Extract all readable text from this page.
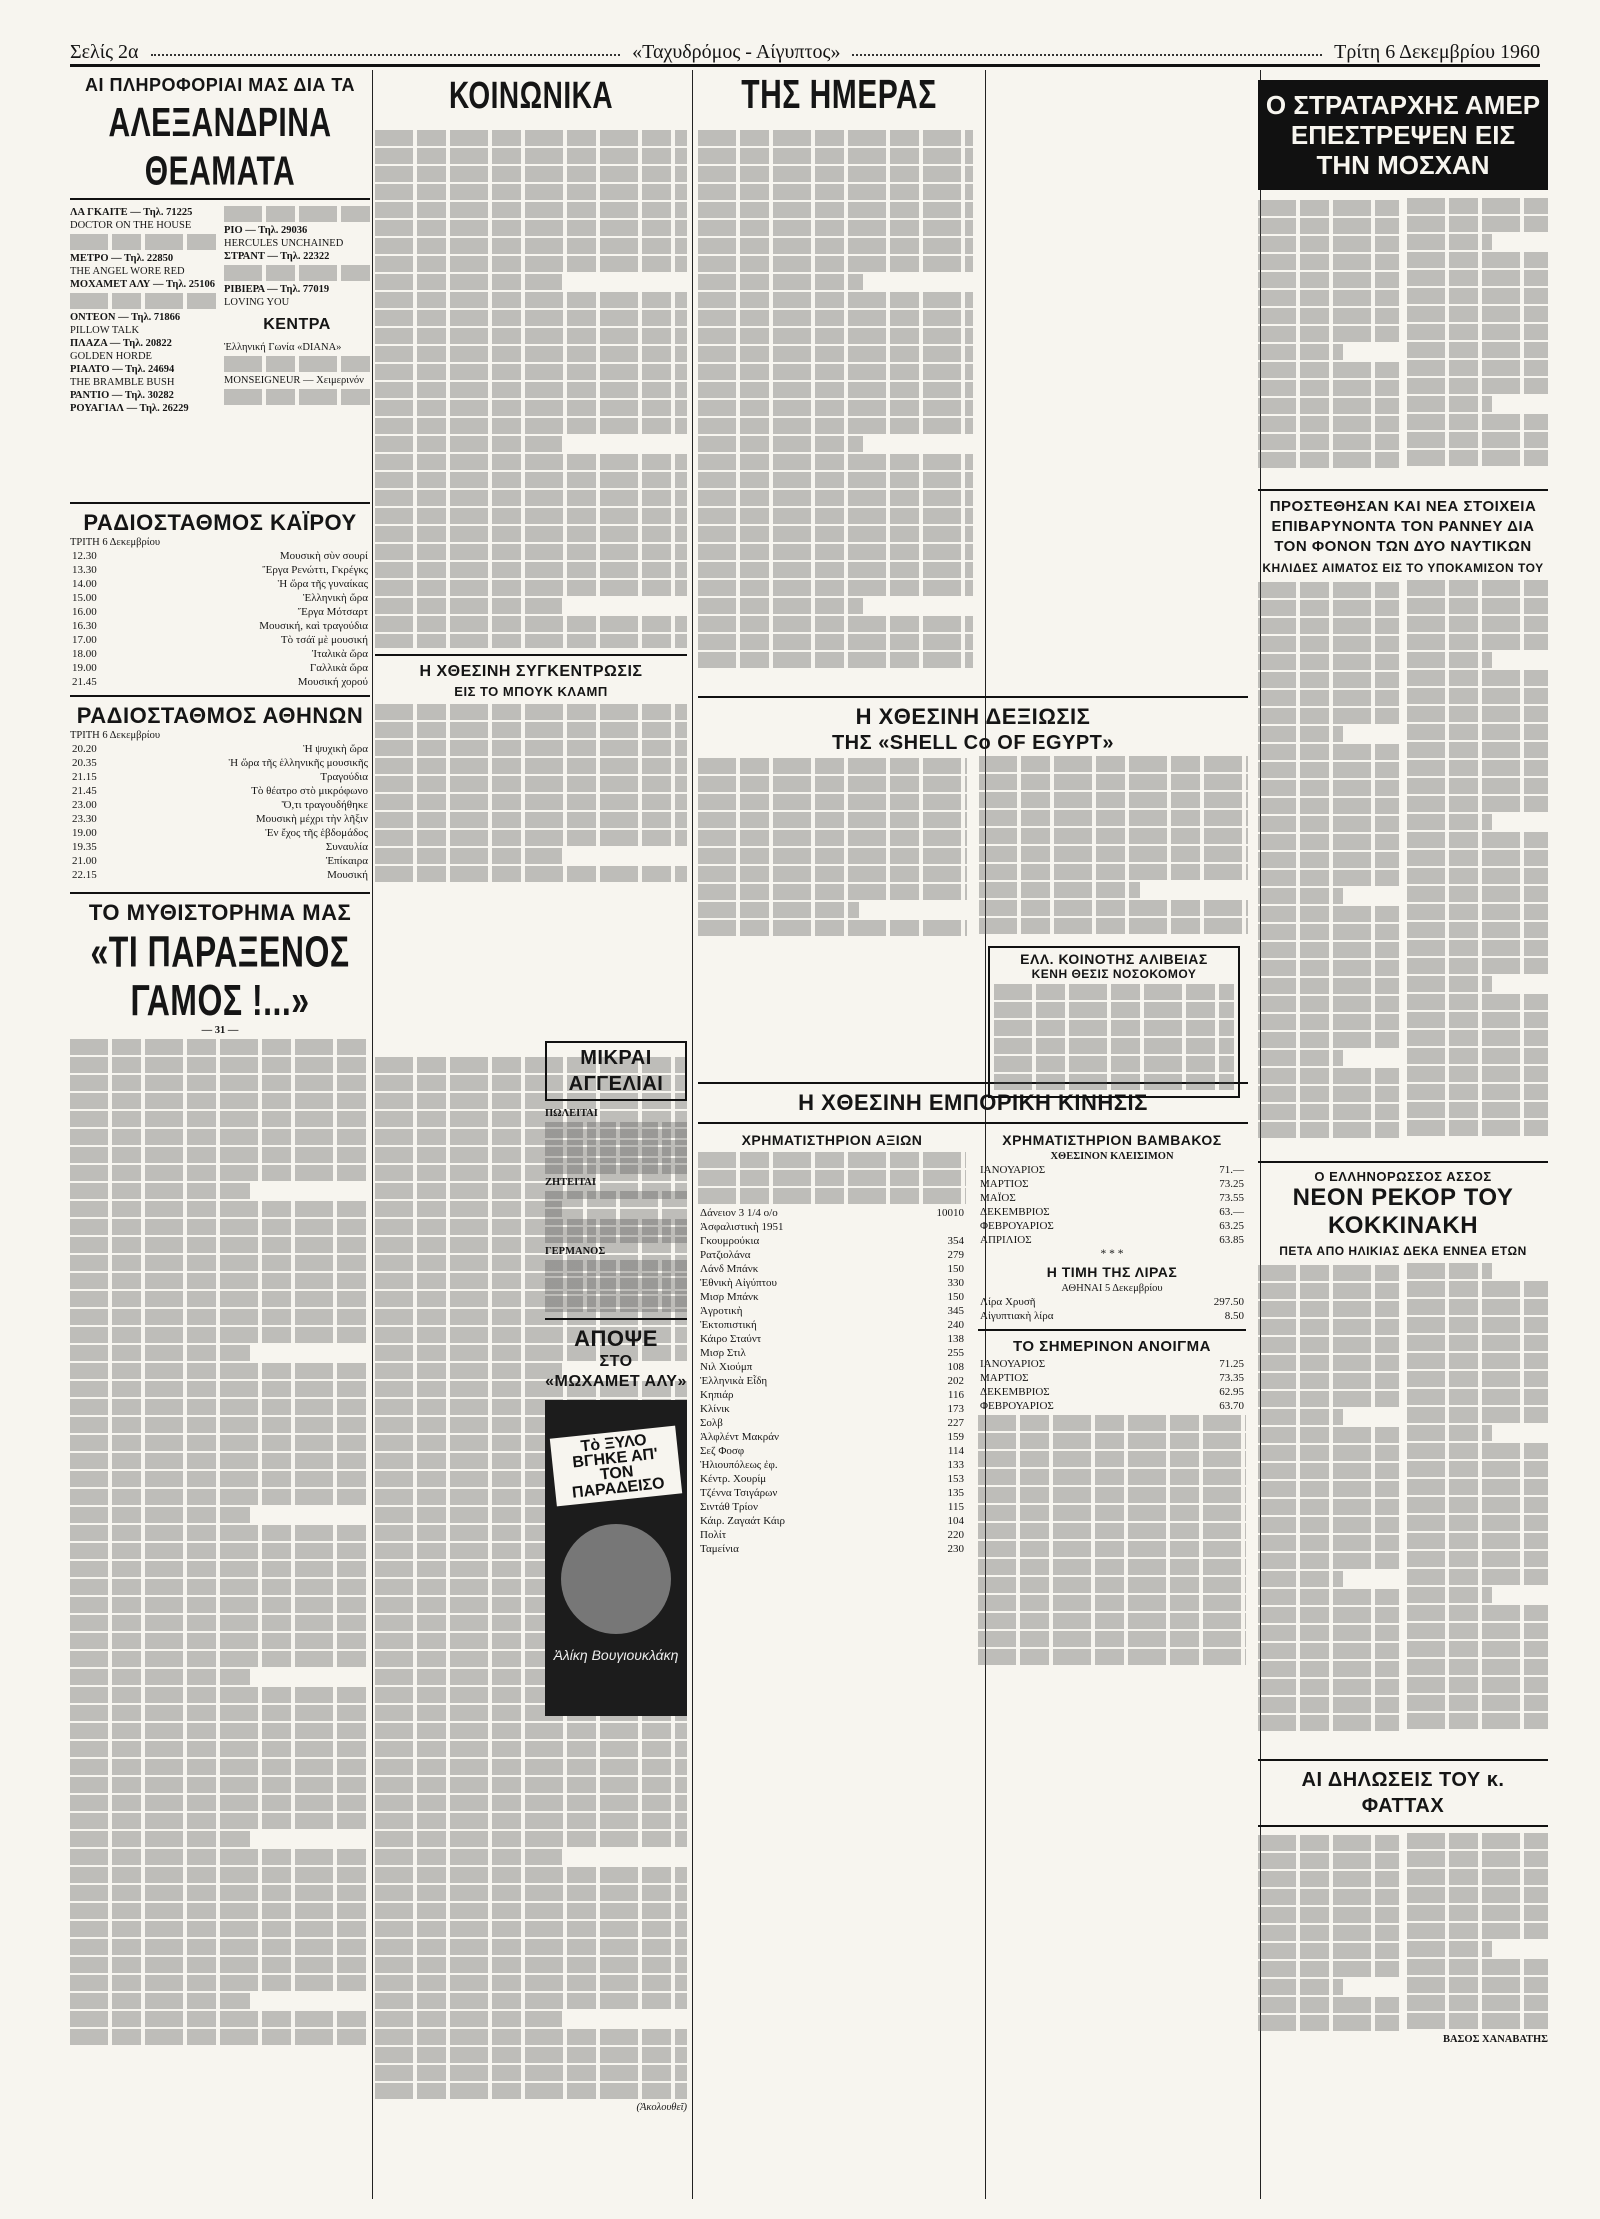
Σελίς 2α	«Ταχυδρόμος - Αίγυπτος»	Τρίτη 6 Δεκεμβρίου 1960
ΑΙ ΠΛΗΡΟΦΟΡΙΑΙ ΜΑΣ ΔΙΑ ΤΑ
ΑΛΕΞΑΝΔΡΙΝΑ ΘΕΑΜΑΤΑ
ΛΑ ΓΚΑΙΤΕ — Τηλ. 71225
DOCTOR ON THE HOUSE
ΜΕΤΡΟ — Τηλ. 22850
THE ANGEL WORE RED
ΜΟΧΑΜΕΤ ΑΛΥ — Τηλ. 25106
ΟΝΤΕΟΝ — Τηλ. 71866
PILLOW TALK
ΠΛΑΖΑ — Τηλ. 20822
GOLDEN HORDE
ΡΙΑΛΤΟ — Τηλ. 24694
THE BRAMBLE BUSH
ΡΑΝΤΙΟ — Τηλ. 30282
ΡΟΥΑΓΙΑΛ — Τηλ. 26229
ΡΙΟ — Τηλ. 29036
HERCULES UNCHAINED
ΣΤΡΑΝΤ — Τηλ. 22322
ΡΙΒΙΕΡΑ — Τηλ. 77019
LOVING YOU
ΚΕΝΤΡΑ
Ἑλληνική Γωνία «DIANA»
MONSEIGNEUR — Χειμερινόν
ΡΑΔΙΟΣΤΑΘΜΟΣ ΚΑΪΡΟΥ
ΤΡΙΤΗ 6 Δεκεμβρίου
12.30	Μουσικὴ σὺν σουρί
13.30	Ἔργα Ρενώττι, Γκρέγκς
14.00	Ἡ ὥρα τῆς γυναίκας
15.00	Ἑλληνικὴ ὥρα
16.00	Ἔργα Μότσαρτ
16.30	Μουσική, καὶ τραγούδια
17.00	Τὸ τσάϊ μὲ μουσική
18.00	Ἰταλικὰ ὥρα
19.00	Γαλλικὰ ὥρα
21.45	Μουσική χορού
ΡΑΔΙΟΣΤΑΘΜΟΣ ΑΘΗΝΩΝ
ΤΡΙΤΗ 6 Δεκεμβρίου
20.20	Ἡ ψυχικὴ ὥρα
20.35	Ἡ ὥρα τῆς ἑλληνικῆς μουσικῆς
21.15	Τραγούδια
21.45	Τὸ θέατρο στὸ μικρόφωνο
23.00	Ὅ,τι τραγουδήθηκε
23.30	Μουσικὴ μέχρι τὴν λῆξιν
19.00	Ἐν ἔχος τῆς ἑβδομάδος
19.35	Συναυλία
21.00	Ἐπίκαιρα
22.15	Μουσική
ΤΟ ΜΥΘΙΣΤΟΡΗΜΑ ΜΑΣ
«ΤΙ ΠΑΡΑΞΕΝΟΣ ΓΑΜΟΣ !...»
— 31 —
(Ἀκολουθεῖ)
ΚΟΙΝΩΝΙΚΑ
Η ΧΘΕΣΙΝΗ ΣΥΓΚΕΝΤΡΩΣΙΣ
ΕΙΣ ΤΟ ΜΠΟΥΚ ΚΛΑΜΠ
ΜΙΚΡΑΙ ΑΓΓΕΛΙΑΙ
ΠΩΛΕΙΤΑΙ
ΖΗΤΕΙΤΑΙ
ΓΕΡΜΑΝΟΣ
ΑΠΟΨΕ
ΣΤΟ
«ΜΩΧΑΜΕΤ ΑΛΥ»
Τὸ ΞΥΛΟ ΒΓΗΚΕ ΑΠ' ΤΟΝ ΠΑΡΑΔΕΙΣΟ
Ἀλίκη Βουγιουκλάκη
ΤΗΣ ΗΜΕΡΑΣ
Η ΧΘΕΣΙΝΗ ΔΕΞΙΩΣΙΣ
ΤΗΣ «SHELL Co OF EGYPT»
ΕΛΛ. ΚΟΙΝΟΤΗΣ ΑΛΙΒΕΙΑΣ
ΚΕΝΗ ΘΕΣΙΣ ΝΟΣΟΚΟΜΟΥ
Η ΧΘΕΣΙΝΗ ΕΜΠΟΡΙΚΗ ΚΙΝΗΣΙΣ
ΧΡΗΜΑΤΙΣΤΗΡΙΟΝ ΑΞΙΩΝ
Δάνειον 3 1/4 ο/ο	10010
Ἀσφαλιστικὴ 1951	
Γκουμρούκια	354
Ρατζιολάνα	279
Λάνδ Μπάνκ	150
Ἐθνικὴ Αἰγύπτου	330
Μισρ Μπάνκ	150
Ἀγροτικὴ	345
Ἐκτοπιστική	240
Κάιρο Σταύντ	138
Μισρ Στιλ	255
Νιλ Χιούμπ	108
Ἑλληνικὰ Εἶδη	202
Κηπιάρ	116
Κλίνικ	173
Σολβ	227
Ἀλφλέντ Μακράν	159
Σεζ Φοσφ	114
Ἡλιουπόλεως ἐφ.	133
Κέντρ. Χουρίμ	153
Τζέννα Τσιγάρων	135
Σιντάθ Τρίον	115
Κάιρ. Ζαγαάτ Κάιρ	104
Πολίτ	220
Ταμείνια	230
ΧΡΗΜΑΤΙΣΤΗΡΙΟΝ ΒΑΜΒΑΚΟΣ
ΧΘΕΣΙΝΟΝ ΚΛΕΙΣΙΜΟΝ
ΙΑΝΟΥΑΡΙΟΣ	71.—
ΜΑΡΤΙΟΣ	73.25
ΜΑΪΟΣ	73.55
ΔΕΚΕΜΒΡΙΟΣ	63.—
ΦΕΒΡΟΥΑΡΙΟΣ	63.25
ΑΠΡΙΛΙΟΣ	63.85
* * *
Η ΤΙΜΗ ΤΗΣ ΛΙΡΑΣ
ΑΘΗΝΑΙ 5 Δεκεμβρίου
Λίρα Χρυσῆ	297.50
Αἰγυπτιακὴ λίρα	8.50
ΤΟ ΣΗΜΕΡΙΝΟΝ ΑΝΟΙΓΜΑ
ΙΑΝΟΥΑΡΙΟΣ	71.25
ΜΑΡΤΙΟΣ	73.35
ΔΕΚΕΜΒΡΙΟΣ	62.95
ΦΕΒΡΟΥΑΡΙΟΣ	63.70
Ο ΣΤΡΑΤΑΡΧΗΣ ΑΜΕΡ ΕΠΕΣΤΡΕΨΕΝ ΕΙΣ ΤΗΝ ΜΟΣΧΑΝ
ΠΡΟΣΤΕΘΗΣΑΝ ΚΑΙ ΝΕΑ ΣΤΟΙΧΕΙΑ ΕΠΙΒΑΡΥΝΟΝΤΑ ΤΟΝ ΡΑΝΝΕΥ ΔΙΑ ΤΟΝ ΦΟΝΟΝ ΤΩΝ ΔΥΟ ΝΑΥΤΙΚΩΝ
ΚΗΛΙΔΕΣ ΑΙΜΑΤΟΣ ΕΙΣ ΤΟ ΥΠΟΚΑΜΙΣΟΝ ΤΟΥ
Ο ΕΛΛΗΝΟΡΩΣΣΟΣ ΑΣΣΟΣ
ΝΕΟΝ ΡΕΚΟΡ ΤΟΥ ΚΟΚΚΙΝΑΚΗ
ΠΕΤΑ ΑΠΟ ΗΛΙΚΙΑΣ ΔΕΚΑ ΕΝΝΕΑ ΕΤΩΝ
ΑΙ ΔΗΛΩΣΕΙΣ ΤΟΥ κ. ΦΑΤΤΑΧ
ΒΑΣΟΣ ΧΑΝΑΒΑΤΗΣ
